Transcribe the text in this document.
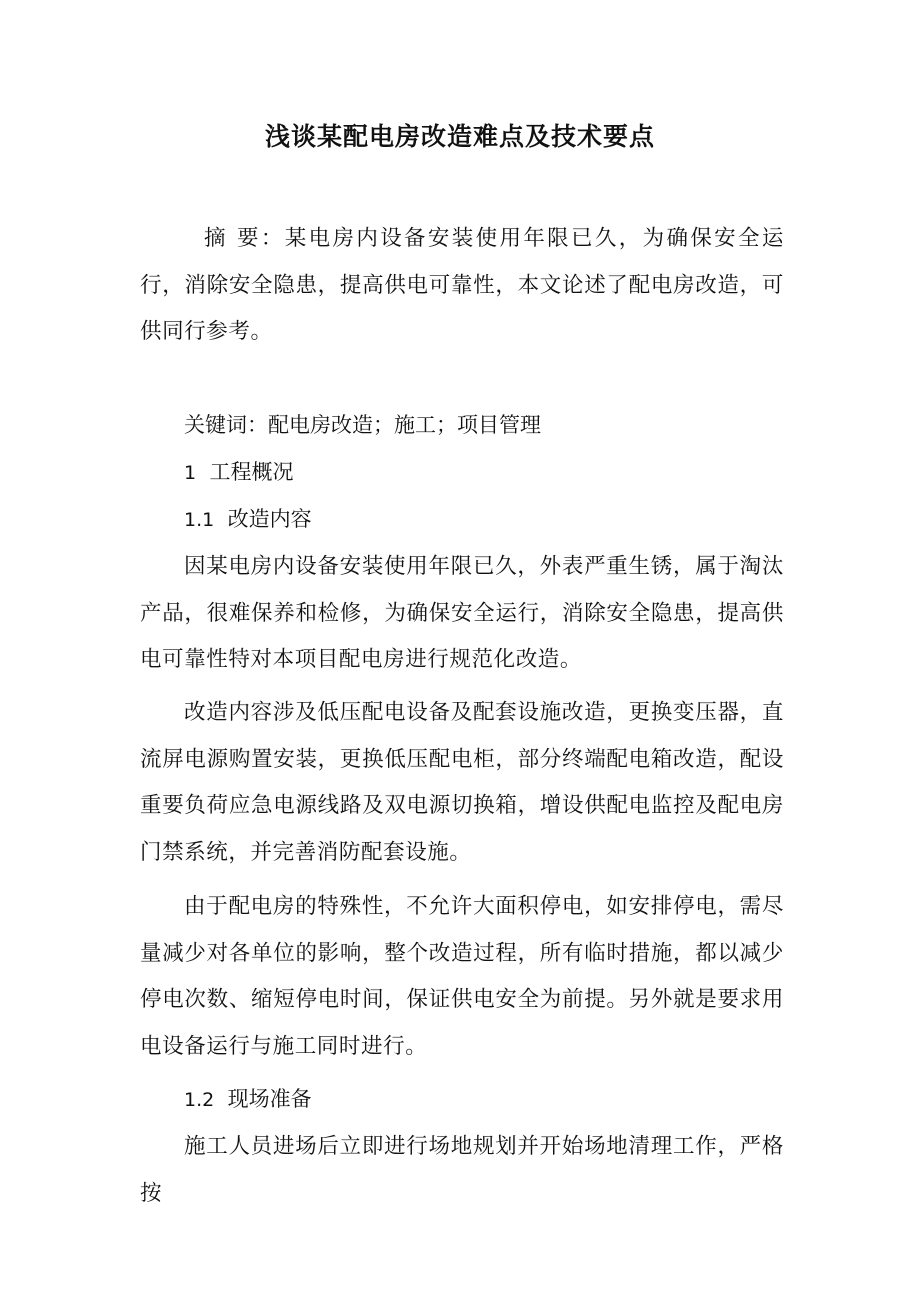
浅谈某配电房改造难点及技术要点

摘 要：某电房内设备安装使用年限已久，为确保安全运行，消除安全隐患，提高供电可靠性，本文论述了配电房改造，可供同行参考。

关键词：配电房改造；施工；项目管理

1 工程概况

1.1 改造内容

因某电房内设备安装使用年限已久，外表严重生锈，属于淘汰产品，很难保养和检修，为确保安全运行，消除安全隐患，提高供电可靠性特对本项目配电房进行规范化改造。

改造内容涉及低压配电设备及配套设施改造，更换变压器，直流屏电源购置安装，更换低压配电柜，部分终端配电箱改造，配设重要负荷应急电源线路及双电源切换箱，增设供配电监控及配电房门禁系统，并完善消防配套设施。

由于配电房的特殊性，不允许大面积停电，如安排停电，需尽量减少对各单位的影响，整个改造过程，所有临时措施，都以减少停电次数、缩短停电时间，保证供电安全为前提。另外就是要求用电设备运行与施工同时进行。

1.2 现场准备

施工人员进场后立即进行场地规划并开始场地清理工作，严格按
